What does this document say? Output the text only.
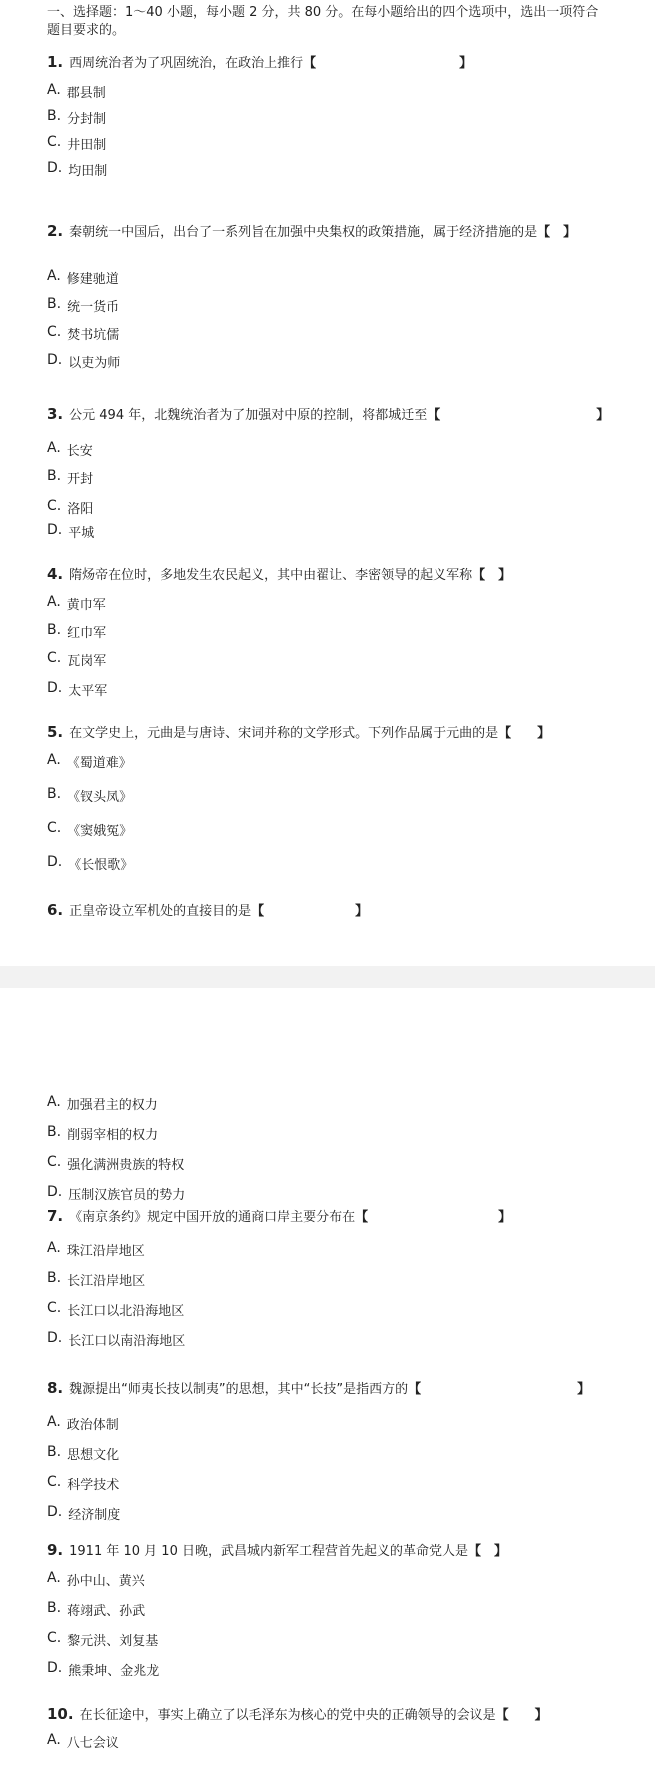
一、选择题：1～40 小题，每小题 2 分，共 80 分。在每小题给出的四个选项中，选出一项符合题目要求的。
1. 西周统治者为了巩固统治，在政治上推行【　　　　　　　　　　　】
A. 郡县制
B. 分封制
C. 井田制
D. 均田制
2. 秦朝统一中国后，出台了一系列旨在加强中央集权的政策措施，属于经济措施的是【　】
A. 修建驰道
B. 统一货币
C. 焚书坑儒
D. 以吏为师
3. 公元 494 年，北魏统治者为了加强对中原的控制，将都城迁至【　　　　　　　　　　　　】
A. 长安
B. 开封
C. 洛阳
D. 平城
4. 隋炀帝在位时，多地发生农民起义，其中由翟让、李密领导的起义军称【　】
A. 黄巾军
B. 红巾军
C. 瓦岗军
D. 太平军
5. 在文学史上，元曲是与唐诗、宋词并称的文学形式。下列作品属于元曲的是【　　】
A. 《蜀道难》
B. 《钗头凤》
C. 《窦娥冤》
D. 《长恨歌》
6. 正皇帝设立军机处的直接目的是【　　　　　　　】
A. 加强君主的权力
B. 削弱宰相的权力
C. 强化满洲贵族的特权
D. 压制汉族官员的势力
7. 《南京条约》规定中国开放的通商口岸主要分布在【　　　　　　　　　　】
A. 珠江沿岸地区
B. 长江沿岸地区
C. 长江口以北沿海地区
D. 长江口以南沿海地区
8. 魏源提出“师夷长技以制夷”的思想，其中“长技”是指西方的【　　　　　　　　　　　　】
A. 政治体制
B. 思想文化
C. 科学技术
D. 经济制度
9. 1911 年 10 月 10 日晚，武昌城内新军工程营首先起义的革命党人是【　】
A. 孙中山、黄兴
B. 蒋翊武、孙武
C. 黎元洪、刘复基
D. 熊秉坤、金兆龙
10. 在长征途中，事实上确立了以毛泽东为核心的党中央的正确领导的会议是【　　】
A. 八七会议
